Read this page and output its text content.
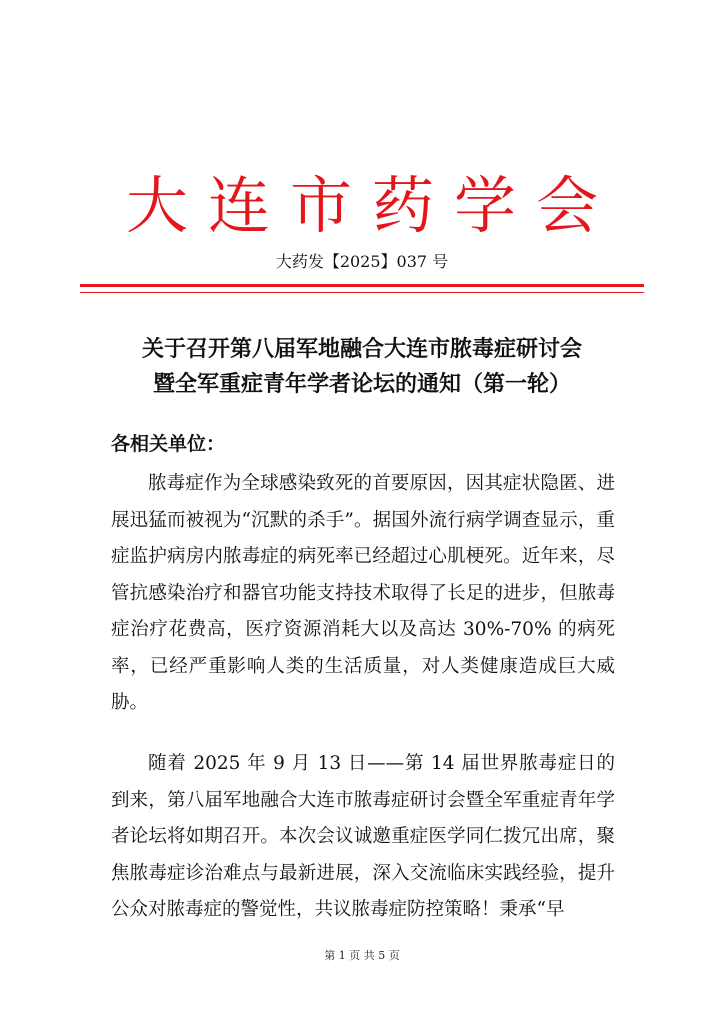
大连市药学会
大药发【2025】037 号
关于召开第八届军地融合大连市脓毒症研讨会
暨全军重症青年学者论坛的通知（第一轮）
各相关单位：

脓毒症作为全球感染致死的首要原因，因其症状隐匿、进展迅猛而被视为“沉默的杀手”。据国外流行病学调查显示，重症监护病房内脓毒症的病死率已经超过心肌梗死。近年来，尽管抗感染治疗和器官功能支持技术取得了长足的进步，但脓毒症治疗花费高，医疗资源消耗大以及高达 30%-70% 的病死率，已经严重影响人类的生活质量，对人类健康造成巨大威胁。

随着 2025 年 9 月 13 日——第 14 届世界脓毒症日的到来，第八届军地融合大连市脓毒症研讨会暨全军重症青年学者论坛将如期召开。本次会议诚邀重症医学同仁拨冗出席，聚焦脓毒症诊治难点与最新进展，深入交流临床实践经验，提升公众对脓毒症的警觉性，共议脓毒症防控策略！秉承“早

第 1 页 共 5 页
